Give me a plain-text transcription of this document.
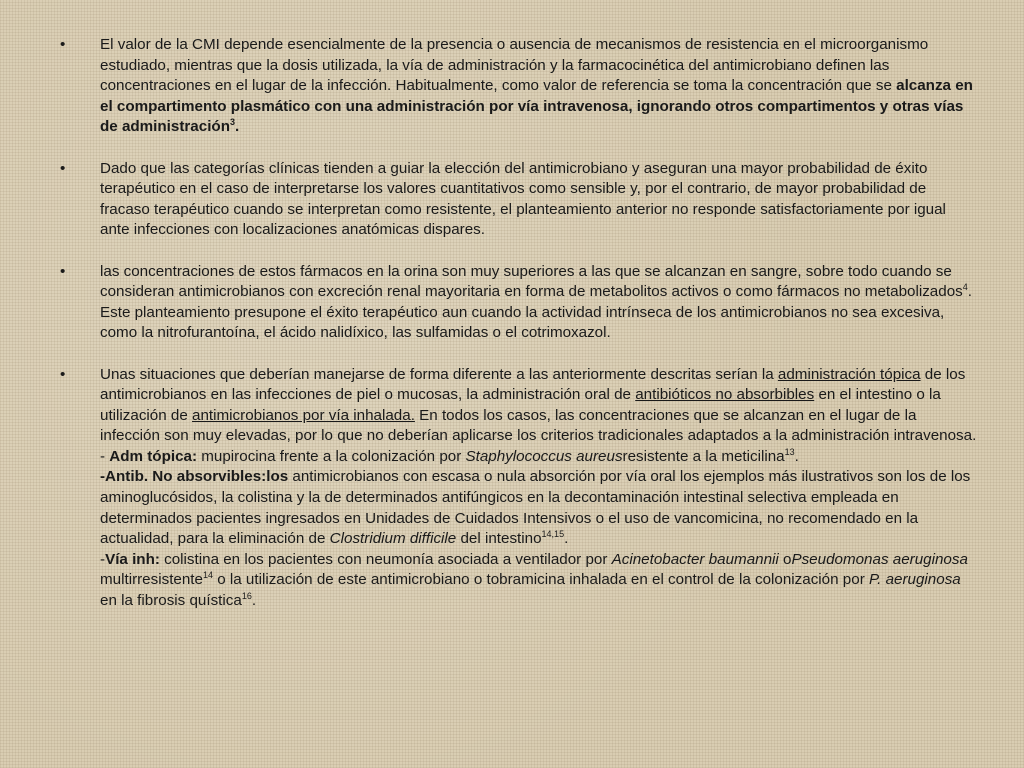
• El valor de la CMI depende esencialmente de la presencia o ausencia de mecanismos de resistencia en el microorganismo estudiado, mientras que la dosis utilizada, la vía de administración y la farmacocinética del antimicrobiano definen las concentraciones en el lugar de la infección. Habitualmente, como valor de referencia se toma la concentración que se alcanza en el compartimento plasmático con una administración por vía intravenosa, ignorando otros compartimentos y otras vías de administración$^3$.

• Dado que las categorías clínicas tienden a guiar la elección del antimicrobiano y aseguran una mayor probabilidad de éxito terapéutico en el caso de interpretarse los valores cuantitativos como sensible y, por el contrario, de mayor probabilidad de fracaso terapéutico cuando se interpretan como resistente, el planteamiento anterior no responde satisfactoriamente por igual ante infecciones con localizaciones anatómicas dispares.

• las concentraciones de estos fármacos en la orina son muy superiores a las que se alcanzan en sangre, sobre todo cuando se consideran antimicrobianos con excreción renal mayoritaria en forma de metabolitos activos o como fármacos no metabolizados$^4$. Este planteamiento presupone el éxito terapéutico aun cuando la actividad intrínseca de los antimicrobianos no sea excesiva, como la nitrofurantoína, el ácido nalidíxico, las sulfamidas o el cotrimoxazol.

• Unas situaciones que deberían manejarse de forma diferente a las anteriormente descritas serían la administración tópica de los antimicrobianos en las infecciones de piel o mucosas, la administración oral de antibióticos no absorbibles en el intestino o la utilización de antimicrobianos por vía inhalada. En todos los casos, las concentraciones que se alcanzan en el lugar de la infección son muy elevadas, por lo que no deberían aplicarse los criterios tradicionales adaptados a la administración intravenosa.

- Adm tópica: mupirocina frente a la colonización por Staphylococcus aureusresistente a la meticilina$^{13}$.

-Antib. No absorvibles:los antimicrobianos con escasa o nula absorción por vía oral los ejemplos más ilustrativos son los de los aminoglucósidos, la colistina y la de determinados antifúngicos en la decontaminación intestinal selectiva empleada en determinados pacientes ingresados en Unidades de Cuidados Intensivos o el uso de vancomicina, no recomendado en la actualidad, para la eliminación de Clostridium difficile del intestino$^{14,15}$.

-Vía inh: colistina en los pacientes con neumonía asociada a ventilador por Acinetobacter baumannii oPseudomonas aeruginosa multirresistente$^{14}$ o la utilización de este antimicrobiano o tobramicina inhalada en el control de la colonización por P. aeruginosa en la fibrosis quística$^{16}$.
